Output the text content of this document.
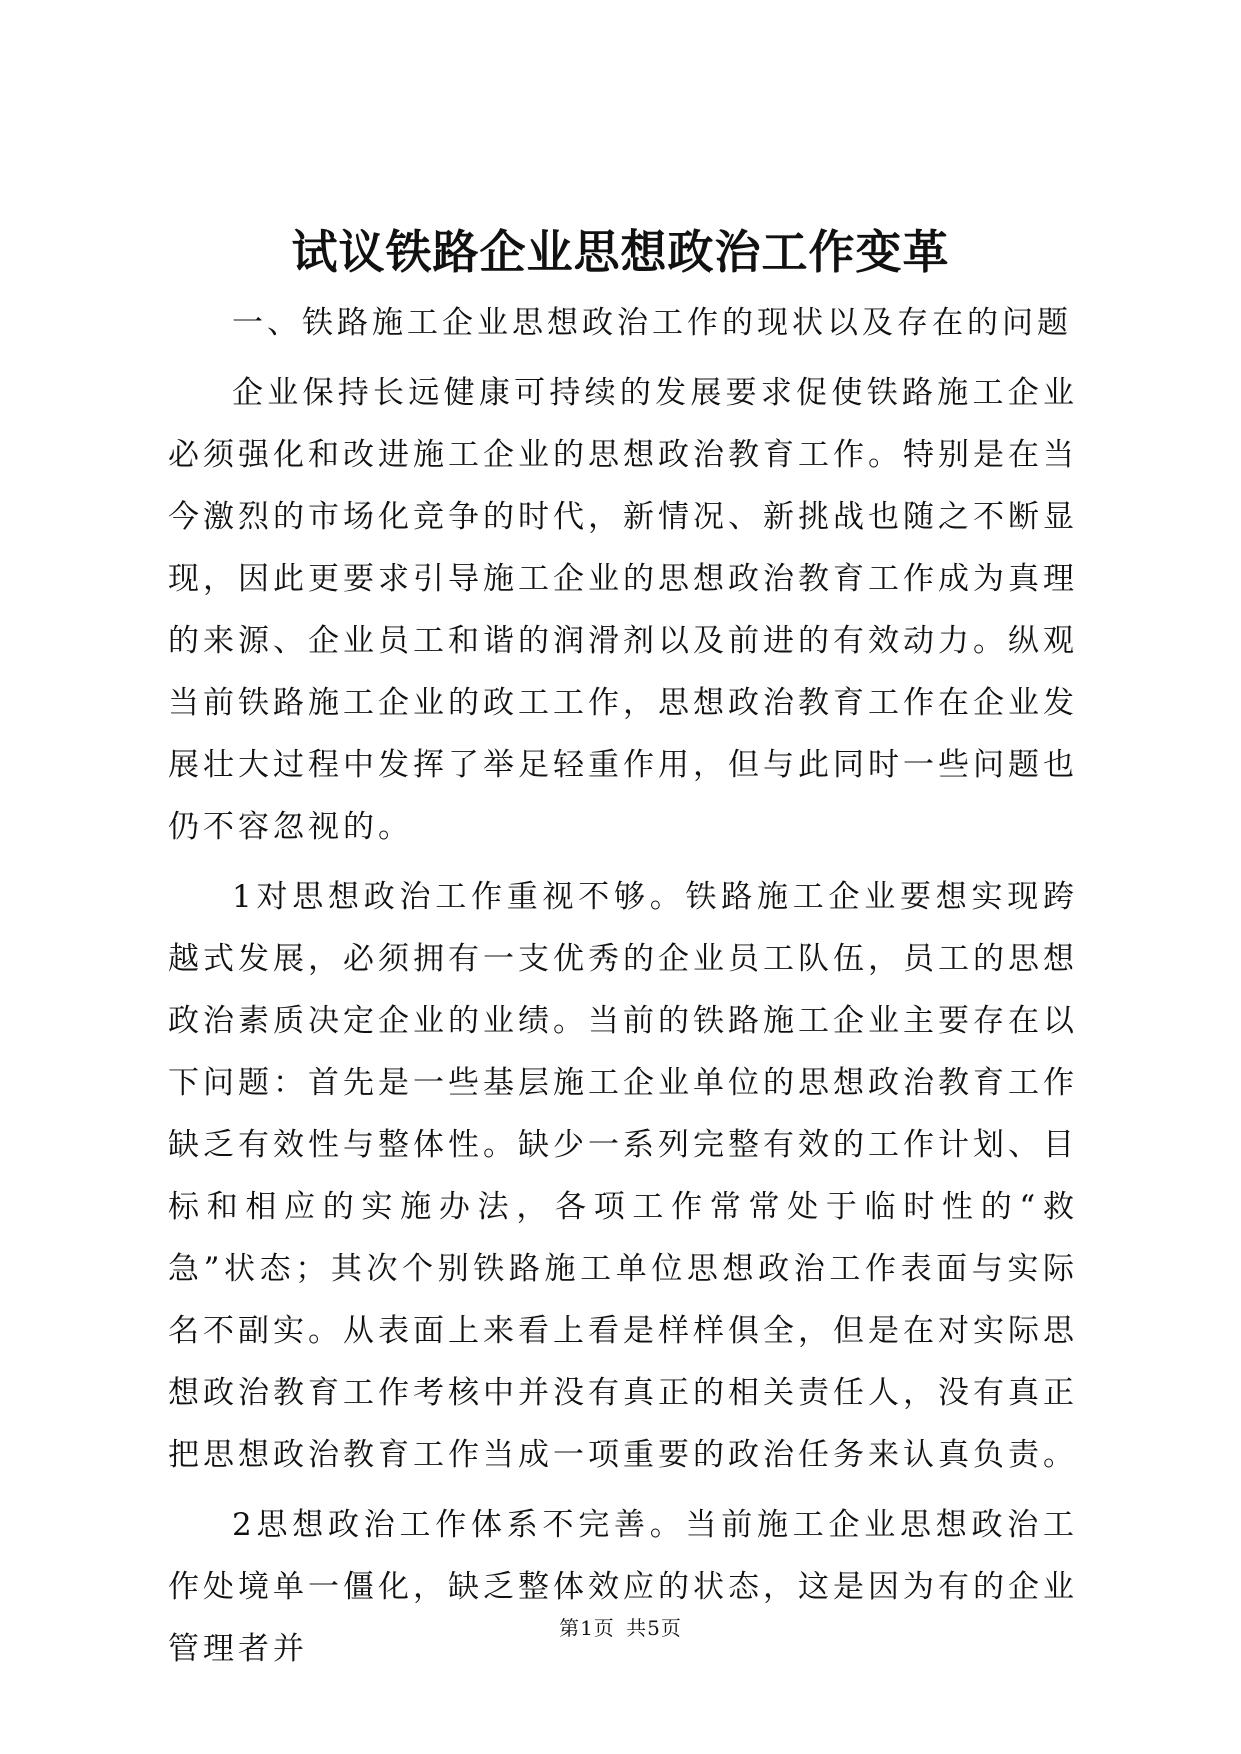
试议铁路企业思想政治工作变革

一、铁路施工企业思想政治工作的现状以及存在的问题

企业保持长远健康可持续的发展要求促使铁路施工企业必须强化和改进施工企业的思想政治教育工作。特别是在当今激烈的市场化竞争的时代，新情况、新挑战也随之不断显现，因此更要求引导施工企业的思想政治教育工作成为真理的来源、企业员工和谐的润滑剂以及前进的有效动力。纵观当前铁路施工企业的政工工作，思想政治教育工作在企业发展壮大过程中发挥了举足轻重作用，但与此同时一些问题也仍不容忽视的。

1对思想政治工作重视不够。铁路施工企业要想实现跨越式发展，必须拥有一支优秀的企业员工队伍，员工的思想政治素质决定企业的业绩。当前的铁路施工企业主要存在以下问题：首先是一些基层施工企业单位的思想政治教育工作缺乏有效性与整体性。缺少一系列完整有效的工作计划、目标和相应的实施办法，各项工作常常处于临时性的“救急”状态；其次个别铁路施工单位思想政治工作表面与实际名不副实。从表面上来看上看是样样俱全，但是在对实际思想政治教育工作考核中并没有真正的相关责任人，没有真正把思想政治教育工作当成一项重要的政治任务来认真负责。

2思想政治工作体系不完善。当前施工企业思想政治工作处境单一僵化，缺乏整体效应的状态，这是因为有的企业管理者并

第1页 共5页
